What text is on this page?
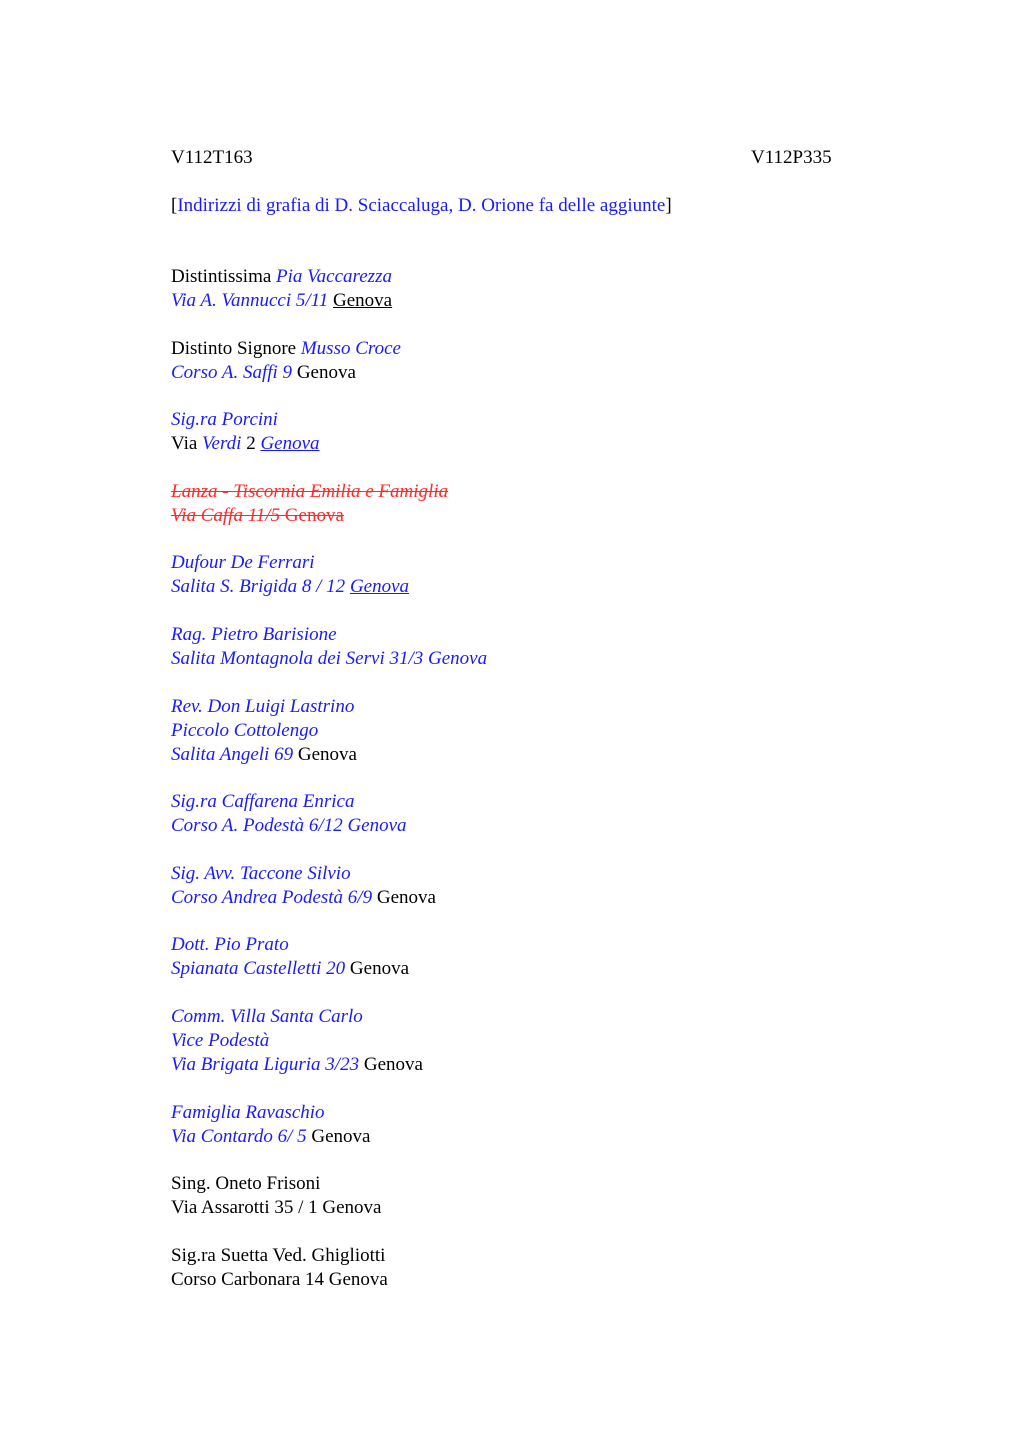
V112T163	V112P335
[Indirizzi di grafia di D. Sciaccaluga, D. Orione fa delle aggiunte]
Distintissima Pia Vaccarezza
Via A. Vannucci 5/11 Genova
Distinto Signore Musso Croce
Corso A. Saffi 9 Genova
Sig.ra Porcini
Via Verdi 2 Genova
Lanza - Tiscornia Emilia e Famiglia
Via Caffa 11/5 Genova
Dufour De Ferrari
Salita S. Brigida 8 / 12 Genova
Rag. Pietro Barisione
Salita Montagnola dei Servi 31/3 Genova
Rev. Don Luigi Lastrino
Piccolo Cottolengo
Salita Angeli 69 Genova
Sig.ra Caffarena Enrica
Corso A. Podestà 6/12 Genova
Sig. Avv. Taccone Silvio
Corso Andrea Podestà 6/9 Genova
Dott. Pio Prato
Spianata Castelletti 20 Genova
Comm. Villa Santa Carlo
Vice Podestà
Via Brigata Liguria 3/23 Genova
Famiglia Ravaschio
Via Contardo 6/ 5 Genova
Sing. Oneto Frisoni
Via Assarotti 35 / 1 Genova
Sig.ra Suetta Ved. Ghigliotti
Corso Carbonara 14 Genova
